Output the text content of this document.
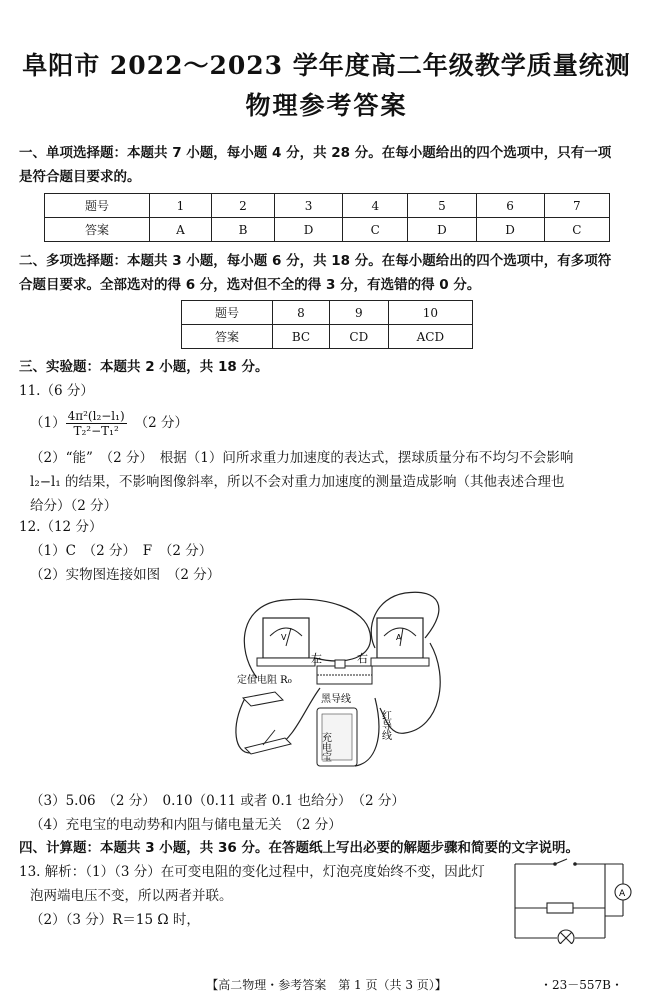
阜阳市 2022～2023 学年度高二年级教学质量统测
物理参考答案
一、单项选择题：本题共 7 小题，每小题 4 分，共 28 分。在每小题给出的四个选项中，只有一项
是符合题目要求的。
题号	1	2	3	4	5	6	7
答案	A	B	D	C	D	D	C
二、多项选择题：本题共 3 小题，每小题 6 分，共 18 分。在每小题给出的四个选项中，有多项符
合题目要求。全部选对的得 6 分，选对但不全的得 3 分，有选错的得 0 分。
题号	8	9	10
答案	BC	CD	ACD
三、实验题：本题共 2 小题，共 18 分。
11.（6 分）
$(1) \frac{\text{4π²(l₂−l₁)}}{\text{T₂²−T₁²}} (2$ 分）
（2）“能”　（2 分）　根据（1）问所求重力加速度的表达式，摆球质量分布不均匀不会影响
l₂−l₁ 的结果，不影响图像斜率，所以不会对重力加速度的测量造成影响（其他表述合理也
给分）（2 分）
12.（12 分）
（1）C　（2 分）　F　（2 分）
（2）实物图连接如图　（2 分）
V	A
左	右
定值电阻 R₀
黑导线
充电宝
红导线
（3）5.06　（2 分）　0.10（0.11 或者 0.1 也给分）　（2 分）
（4）充电宝的电动势和内阻与储电量无关　（2 分）
四、计算题：本题共 3 小题，共 36 分。在答题纸上写出必要的解题步骤和简要的文字说明。
13. 解析：（1）（3 分）在可变电阻的变化过程中，灯泡亮度始终不变，因此灯
泡两端电压不变，所以两者并联。
（2）（3 分）R＝15 Ω 时，
A
【高二物理・参考答案　第 1 页（共 3 页）】	・23－557B・
